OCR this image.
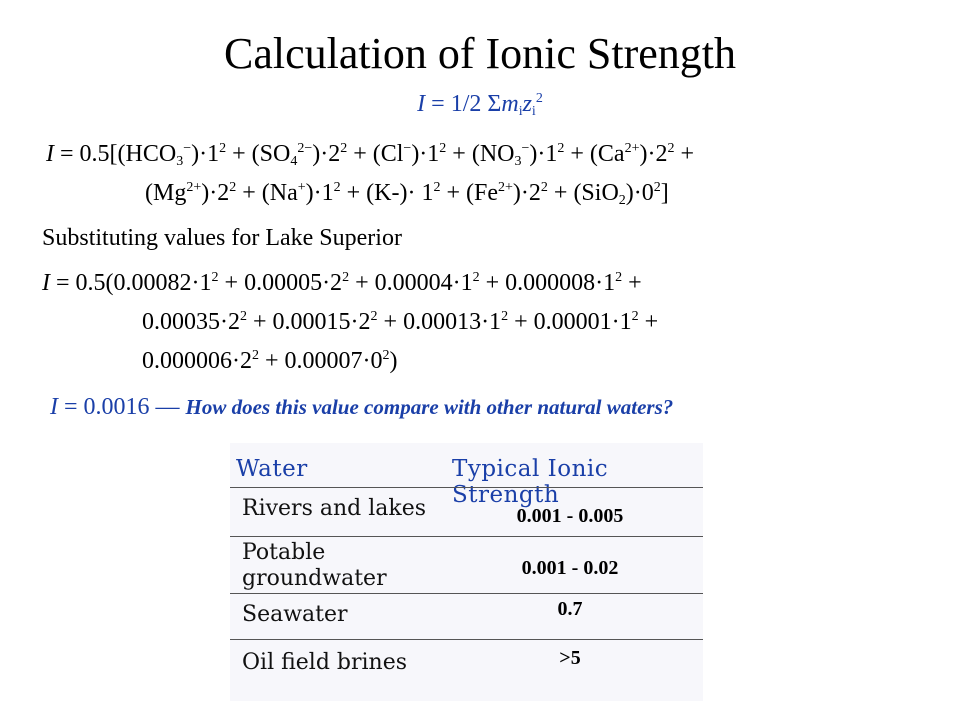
Calculation of Ionic Strength
I = 1/2 $\Sigma m_iz_i^2$
$I = 0.5[(HCO_3^-)\cdot 1^2 + (SO_4^{2-})\cdot 2^2 + (Cl^-)\cdot 1^2 + (NO_3^-)\cdot 1^2 + (Ca^{2+})\cdot 2^2$ +
$(Mg^{2+})\cdot 2^2 + (Na^+)\cdot 1^2 + (K-)\cdot 1^2 + (Fe^{2+})\cdot 2^2 + (SiO_2)\cdot 0^2$]
Substituting values for Lake Superior
$I = 0.5(0.00082\cdot 1^2 + 0.00005\cdot 2^2 + 0.00004\cdot 1^2 + 0.000008\cdot 1^2$ +
$0.00035\cdot 2^2 + 0.00015\cdot 2^2 + 0.00013\cdot 1^2 + 0.00001\cdot 1^2$ +
$0.000006\cdot 2^2 + 0.00007\cdot 0^2$)
I = 0.0016 — How does this value compare with other natural waters?
Water	Typical Ionic Strength
Rivers and lakes	0.001 - 0.005
Potable groundwater	0.001 - 0.02
Seawater	0.7
Oil field brines	>5
